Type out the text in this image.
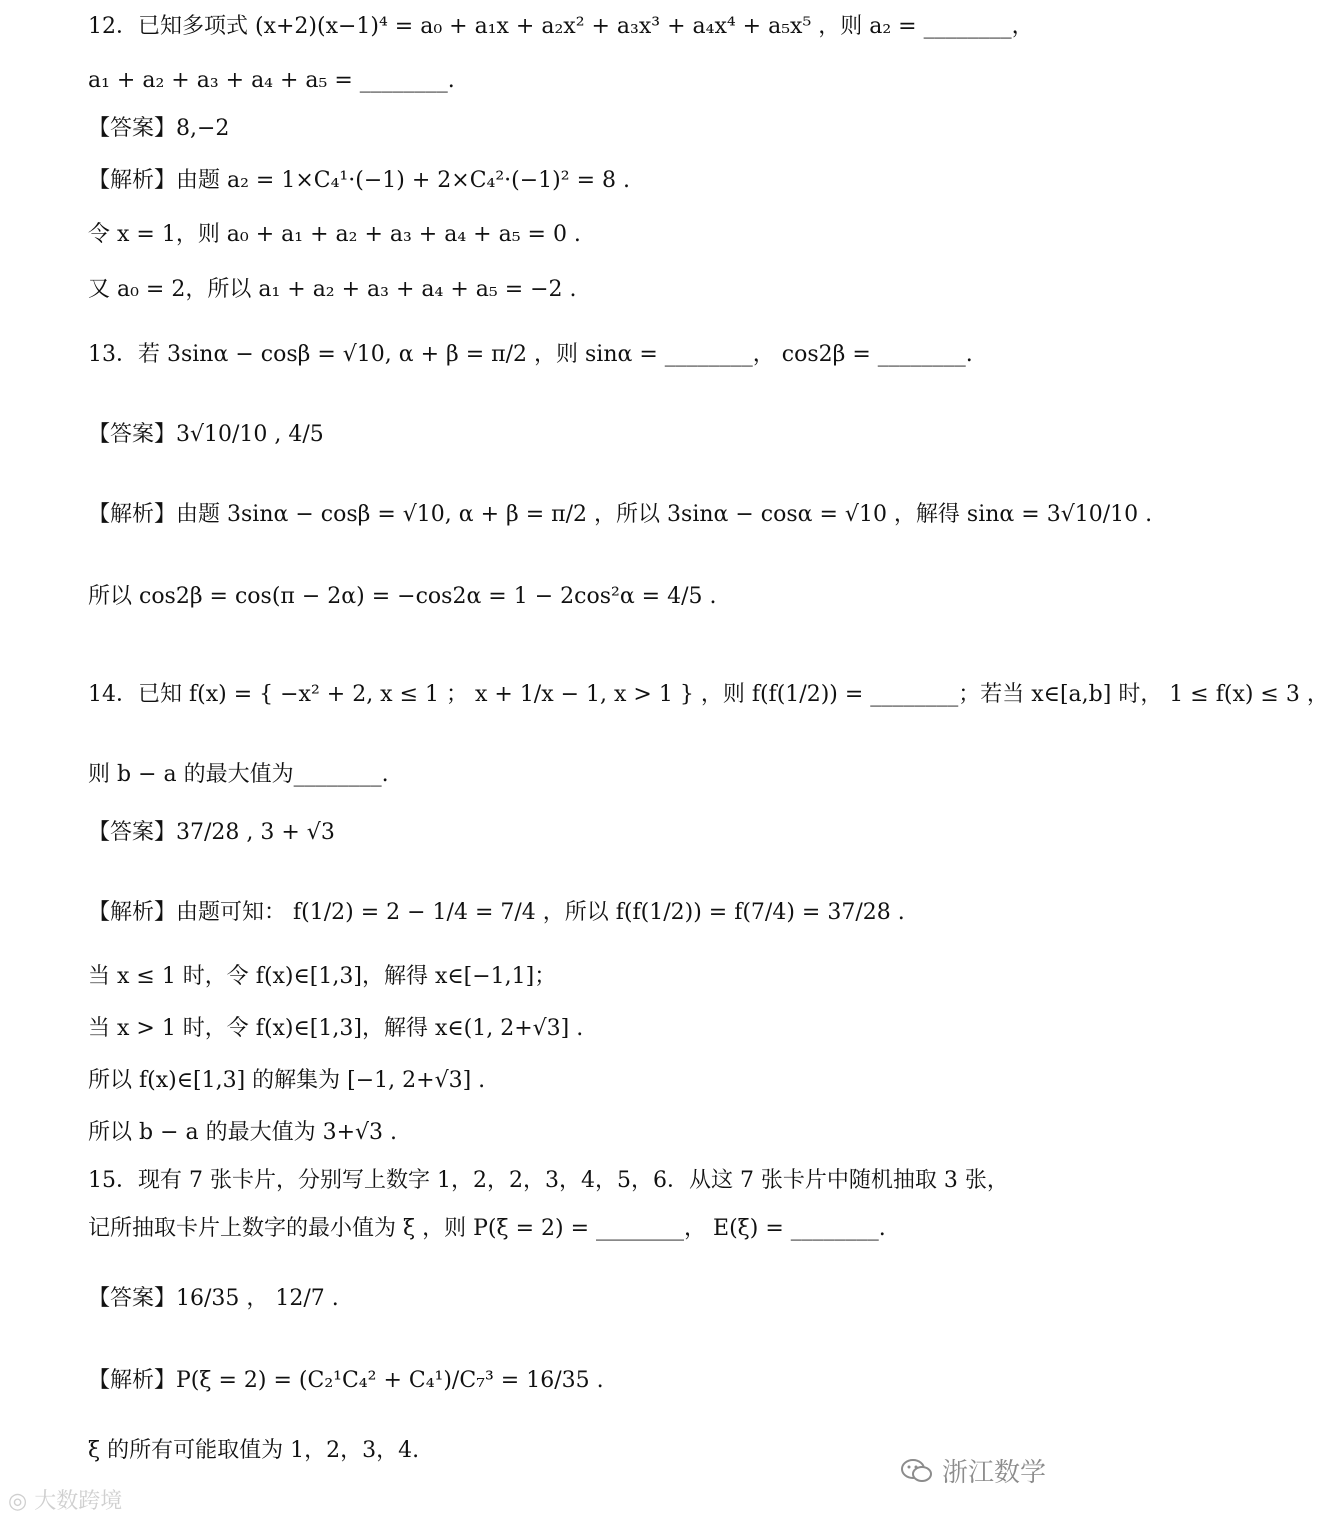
12．已知多项式 (x+2)(x−1)⁴ = a₀ + a₁x + a₂x² + a₃x³ + a₄x⁴ + a₅x⁵ ，则 a₂ = ________，
a₁ + a₂ + a₃ + a₄ + a₅ = ________.
【答案】8,−2
【解析】由题 a₂ = 1×C₄¹·(−1) + 2×C₄²·(−1)² = 8 .
令 x = 1，则 a₀ + a₁ + a₂ + a₃ + a₄ + a₅ = 0 .
又 a₀ = 2，所以 a₁ + a₂ + a₃ + a₄ + a₅ = −2 .
13．若 3sinα − cosβ = √10, α + β = π/2 ，则 sinα = ________， cos2β = ________.
【答案】3√10/10 , 4/5
【解析】由题 3sinα − cosβ = √10, α + β = π/2 ，所以 3sinα − cosα = √10 ，解得 sinα = 3√10/10 .
所以 cos2β = cos(π − 2α) = −cos2α = 1 − 2cos²α = 4/5 .
14．已知 f(x) = { −x² + 2, x ≤ 1 ； x + 1/x − 1, x > 1 } ，则 f(f(1/2)) = ________；若当 x∈[a,b] 时， 1 ≤ f(x) ≤ 3 ，
则 b − a 的最大值为________.
【答案】37/28 , 3 + √3
【解析】由题可知： f(1/2) = 2 − 1/4 = 7/4 ，所以 f(f(1/2)) = f(7/4) = 37/28 .
当 x ≤ 1 时，令 f(x)∈[1,3]，解得 x∈[−1,1]；
当 x > 1 时，令 f(x)∈[1,3]，解得 x∈(1, 2+√3] .
所以 f(x)∈[1,3] 的解集为 [−1, 2+√3] .
所以 b − a 的最大值为 3+√3 .
15．现有 7 张卡片，分别写上数字 1，2，2，3，4，5，6．从这 7 张卡片中随机抽取 3 张，
记所抽取卡片上数字的最小值为 ξ ，则 P(ξ = 2) = ________， E(ξ) = ________.
【答案】16/35 ， 12/7 .
【解析】P(ξ = 2) = (C₂¹C₄² + C₄¹)/C₇³ = 16/35 .
ξ 的所有可能取值为 1，2，3，4.
◎ 大数跨境
浙江数学
